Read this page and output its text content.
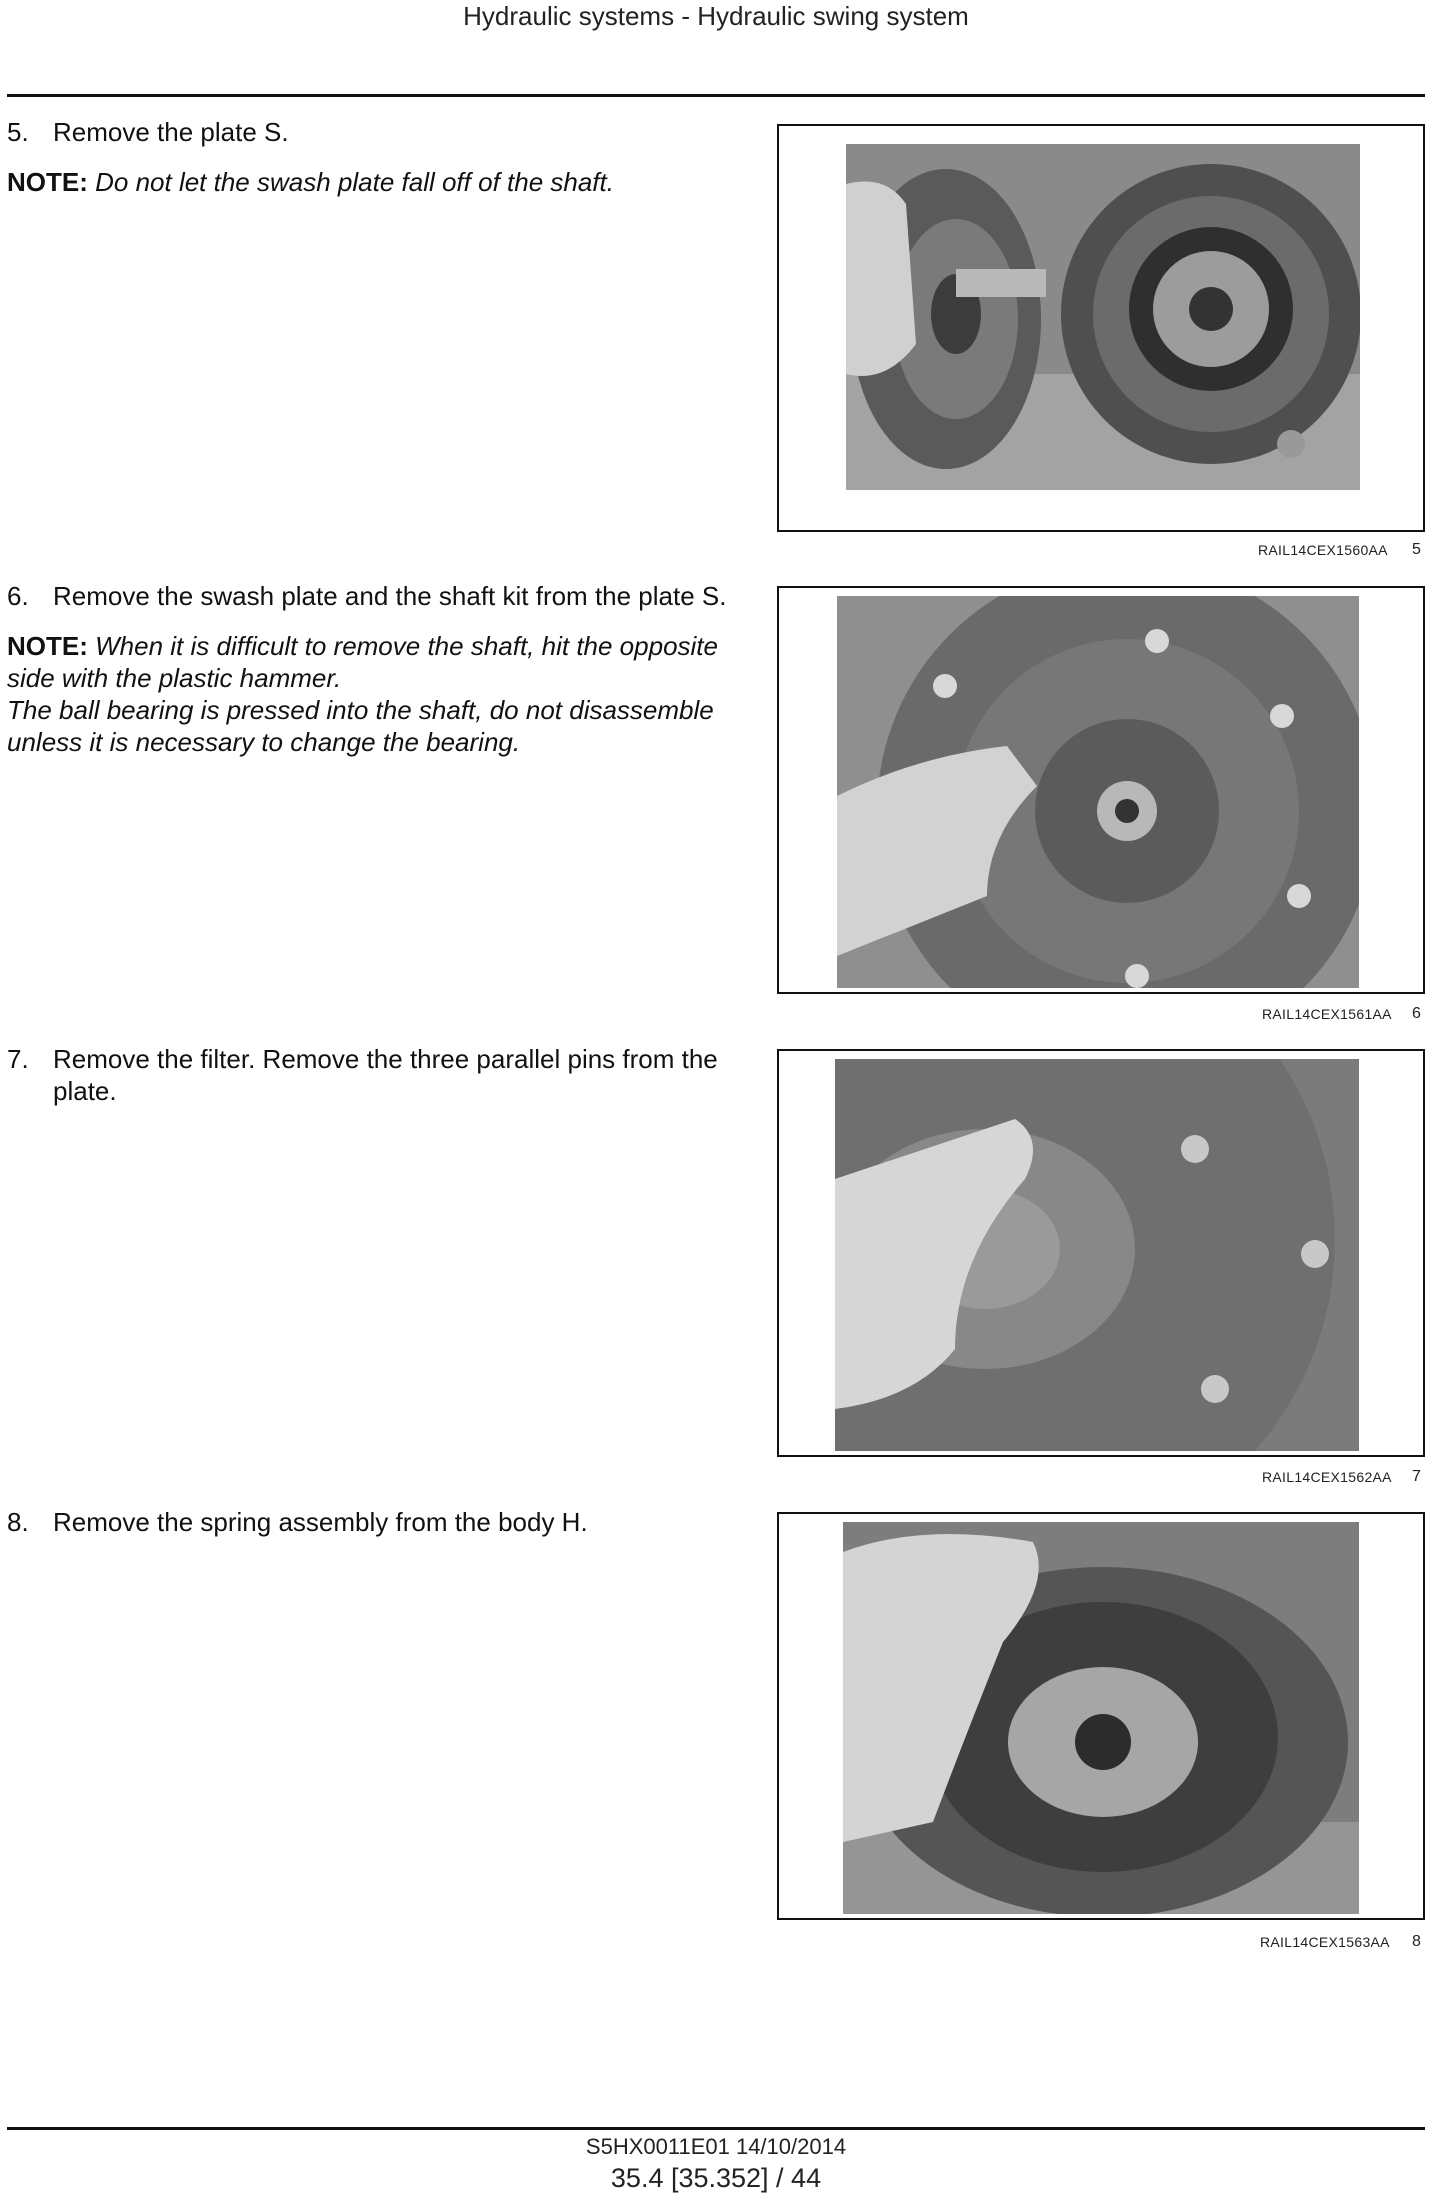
Hydraulic systems - Hydraulic swing system
5. Remove the plate S.
NOTE: Do not let the swash plate fall off of the shaft.
RAIL14CEX1560AA 5
6. Remove the swash plate and the shaft kit from the plate S.
NOTE: When it is difficult to remove the shaft, hit the opposite side with the plastic hammer.
The ball bearing is pressed into the shaft, do not disassemble unless it is necessary to change the bearing.
RAIL14CEX1561AA 6
7. Remove the filter. Remove the three parallel pins from the plate.
RAIL14CEX1562AA 7
8. Remove the spring assembly from the body H.
RAIL14CEX1563AA 8
S5HX0011E01 14/10/2014
35.4 [35.352] / 44
